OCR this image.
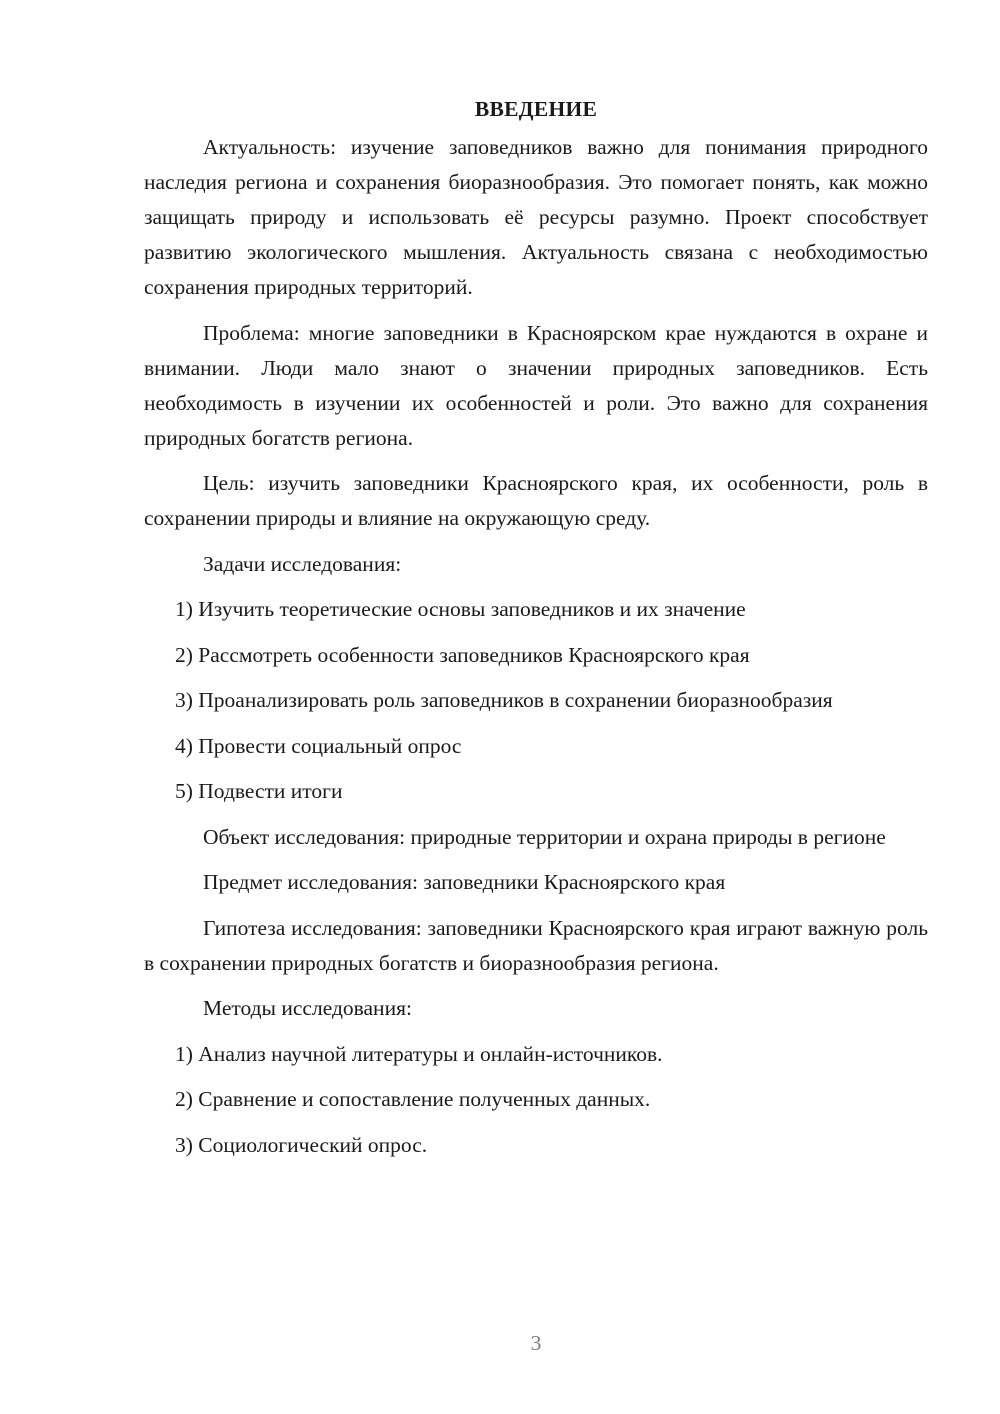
ВВЕДЕНИЕ

Актуальность: изучение заповедников важно для понимания природного наследия региона и сохранения биоразнообразия. Это помогает понять, как можно защищать природу и использовать её ресурсы разумно. Проект способствует развитию экологического мышления. Актуальность связана с необходимостью сохранения природных территорий.

Проблема: многие заповедники в Красноярском крае нуждаются в охране и внимании. Люди мало знают о значении природных заповедников. Есть необходимость в изучении их особенностей и роли. Это важно для сохранения природных богатств региона.

Цель: изучить заповедники Красноярского края, их особенности, роль в сохранении природы и влияние на окружающую среду.

Задачи исследования:

1) Изучить теоретические основы заповедников и их значение

2) Рассмотреть особенности заповедников Красноярского края

3) Проанализировать роль заповедников в сохранении биоразнообразия

4) Провести социальный опрос

5) Подвести итоги

Объект исследования: природные территории и охрана природы в регионе

Предмет исследования: заповедники Красноярского края

Гипотеза исследования: заповедники Красноярского края играют важную роль в сохранении природных богатств и биоразнообразия региона.

Методы исследования:

1) Анализ научной литературы и онлайн-источников.

2) Сравнение и сопоставление полученных данных.

3) Социологический опрос.

3
